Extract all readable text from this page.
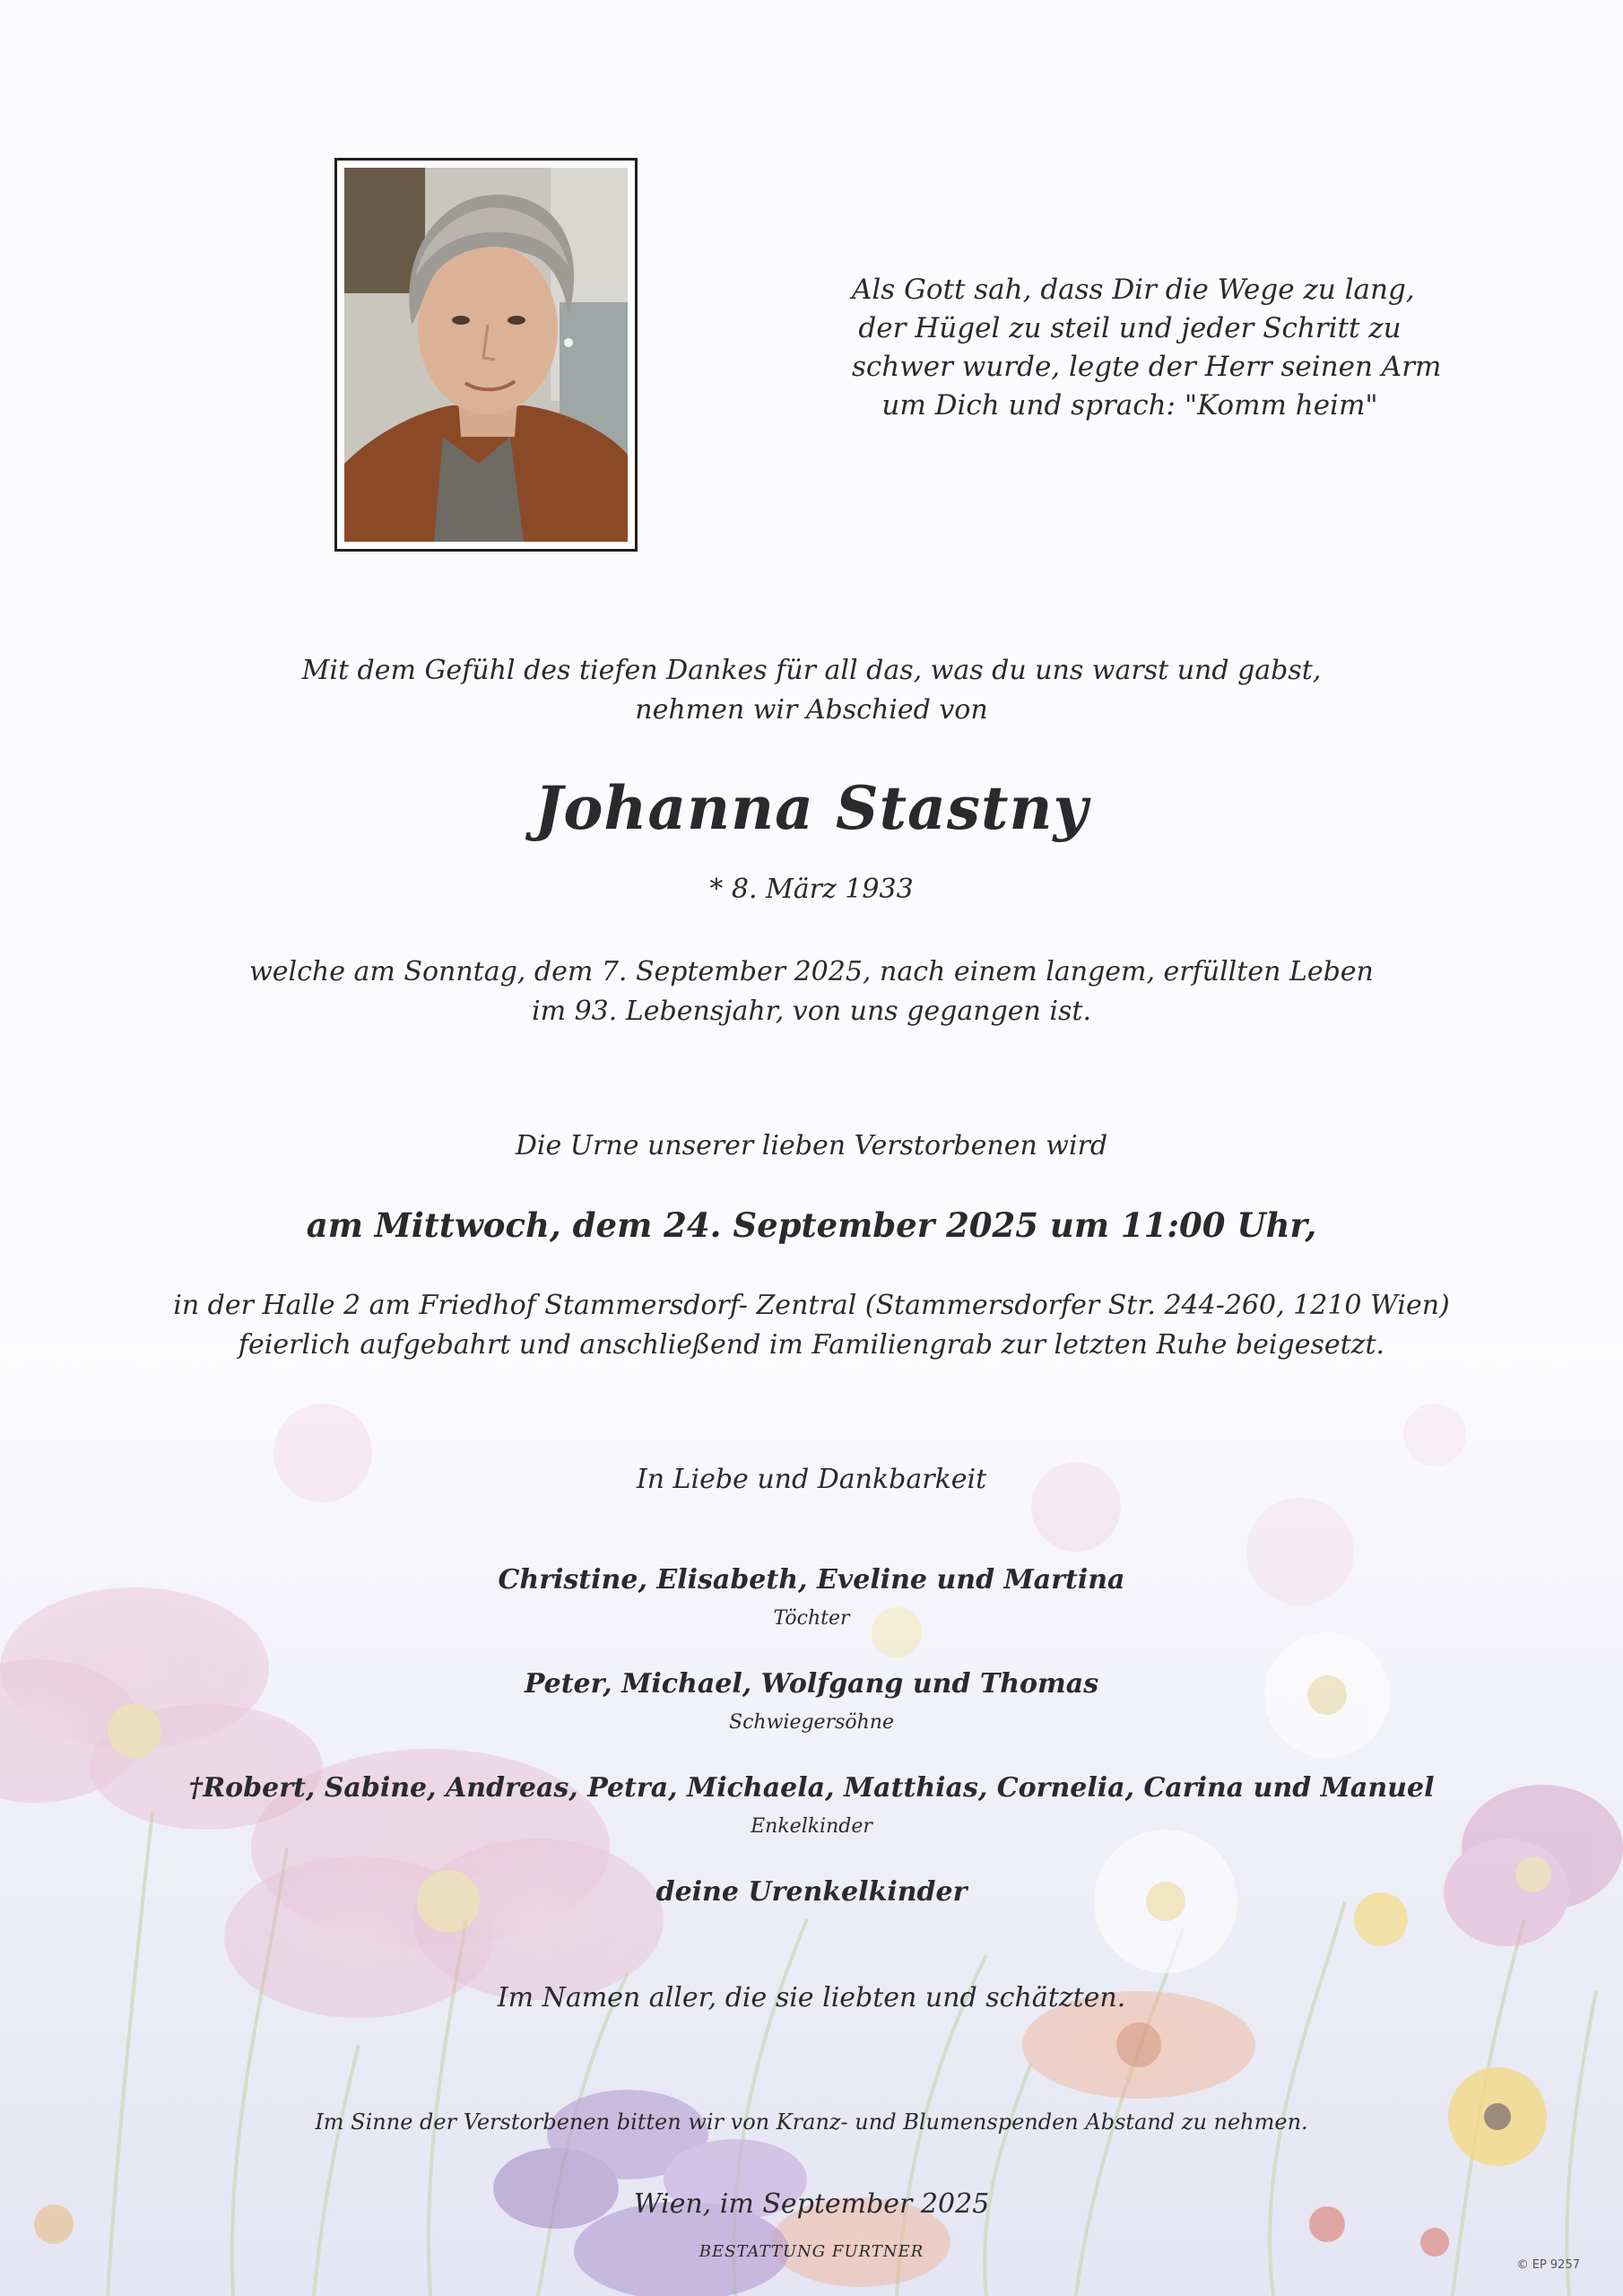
Als Gott sah, dass Dir die Wege zu lang,
der Hügel zu steil und jeder Schritt zu
schwer wurde, legte der Herr seinen Arm
um Dich und sprach: "Komm heim"
Mit dem Gefühl des tiefen Dankes für all das, was du uns warst und gabst,
nehmen wir Abschied von
Johanna Stastny
* 8. März 1933
welche am Sonntag, dem 7. September 2025, nach einem langem, erfüllten Leben
im 93. Lebensjahr, von uns gegangen ist.
Die Urne unserer lieben Verstorbenen wird
am Mittwoch, dem 24. September 2025 um 11:00 Uhr,
in der Halle 2 am Friedhof Stammersdorf- Zentral (Stammersdorfer Str. 244-260, 1210 Wien)
feierlich aufgebahrt und anschließend im Familiengrab zur letzten Ruhe beigesetzt.
In Liebe und Dankbarkeit
Christine, Elisabeth, Eveline und Martina
Töchter
Peter, Michael, Wolfgang und Thomas
Schwiegersöhne
†Robert, Sabine, Andreas, Petra, Michaela, Matthias, Cornelia, Carina und Manuel
Enkelkinder
deine Urenkelkinder
Im Namen aller, die sie liebten und schätzten.
Im Sinne der Verstorbenen bitten wir von Kranz- und Blumenspenden Abstand zu nehmen.
Wien, im September 2025
BESTATTUNG FURTNER
© EP 9257
